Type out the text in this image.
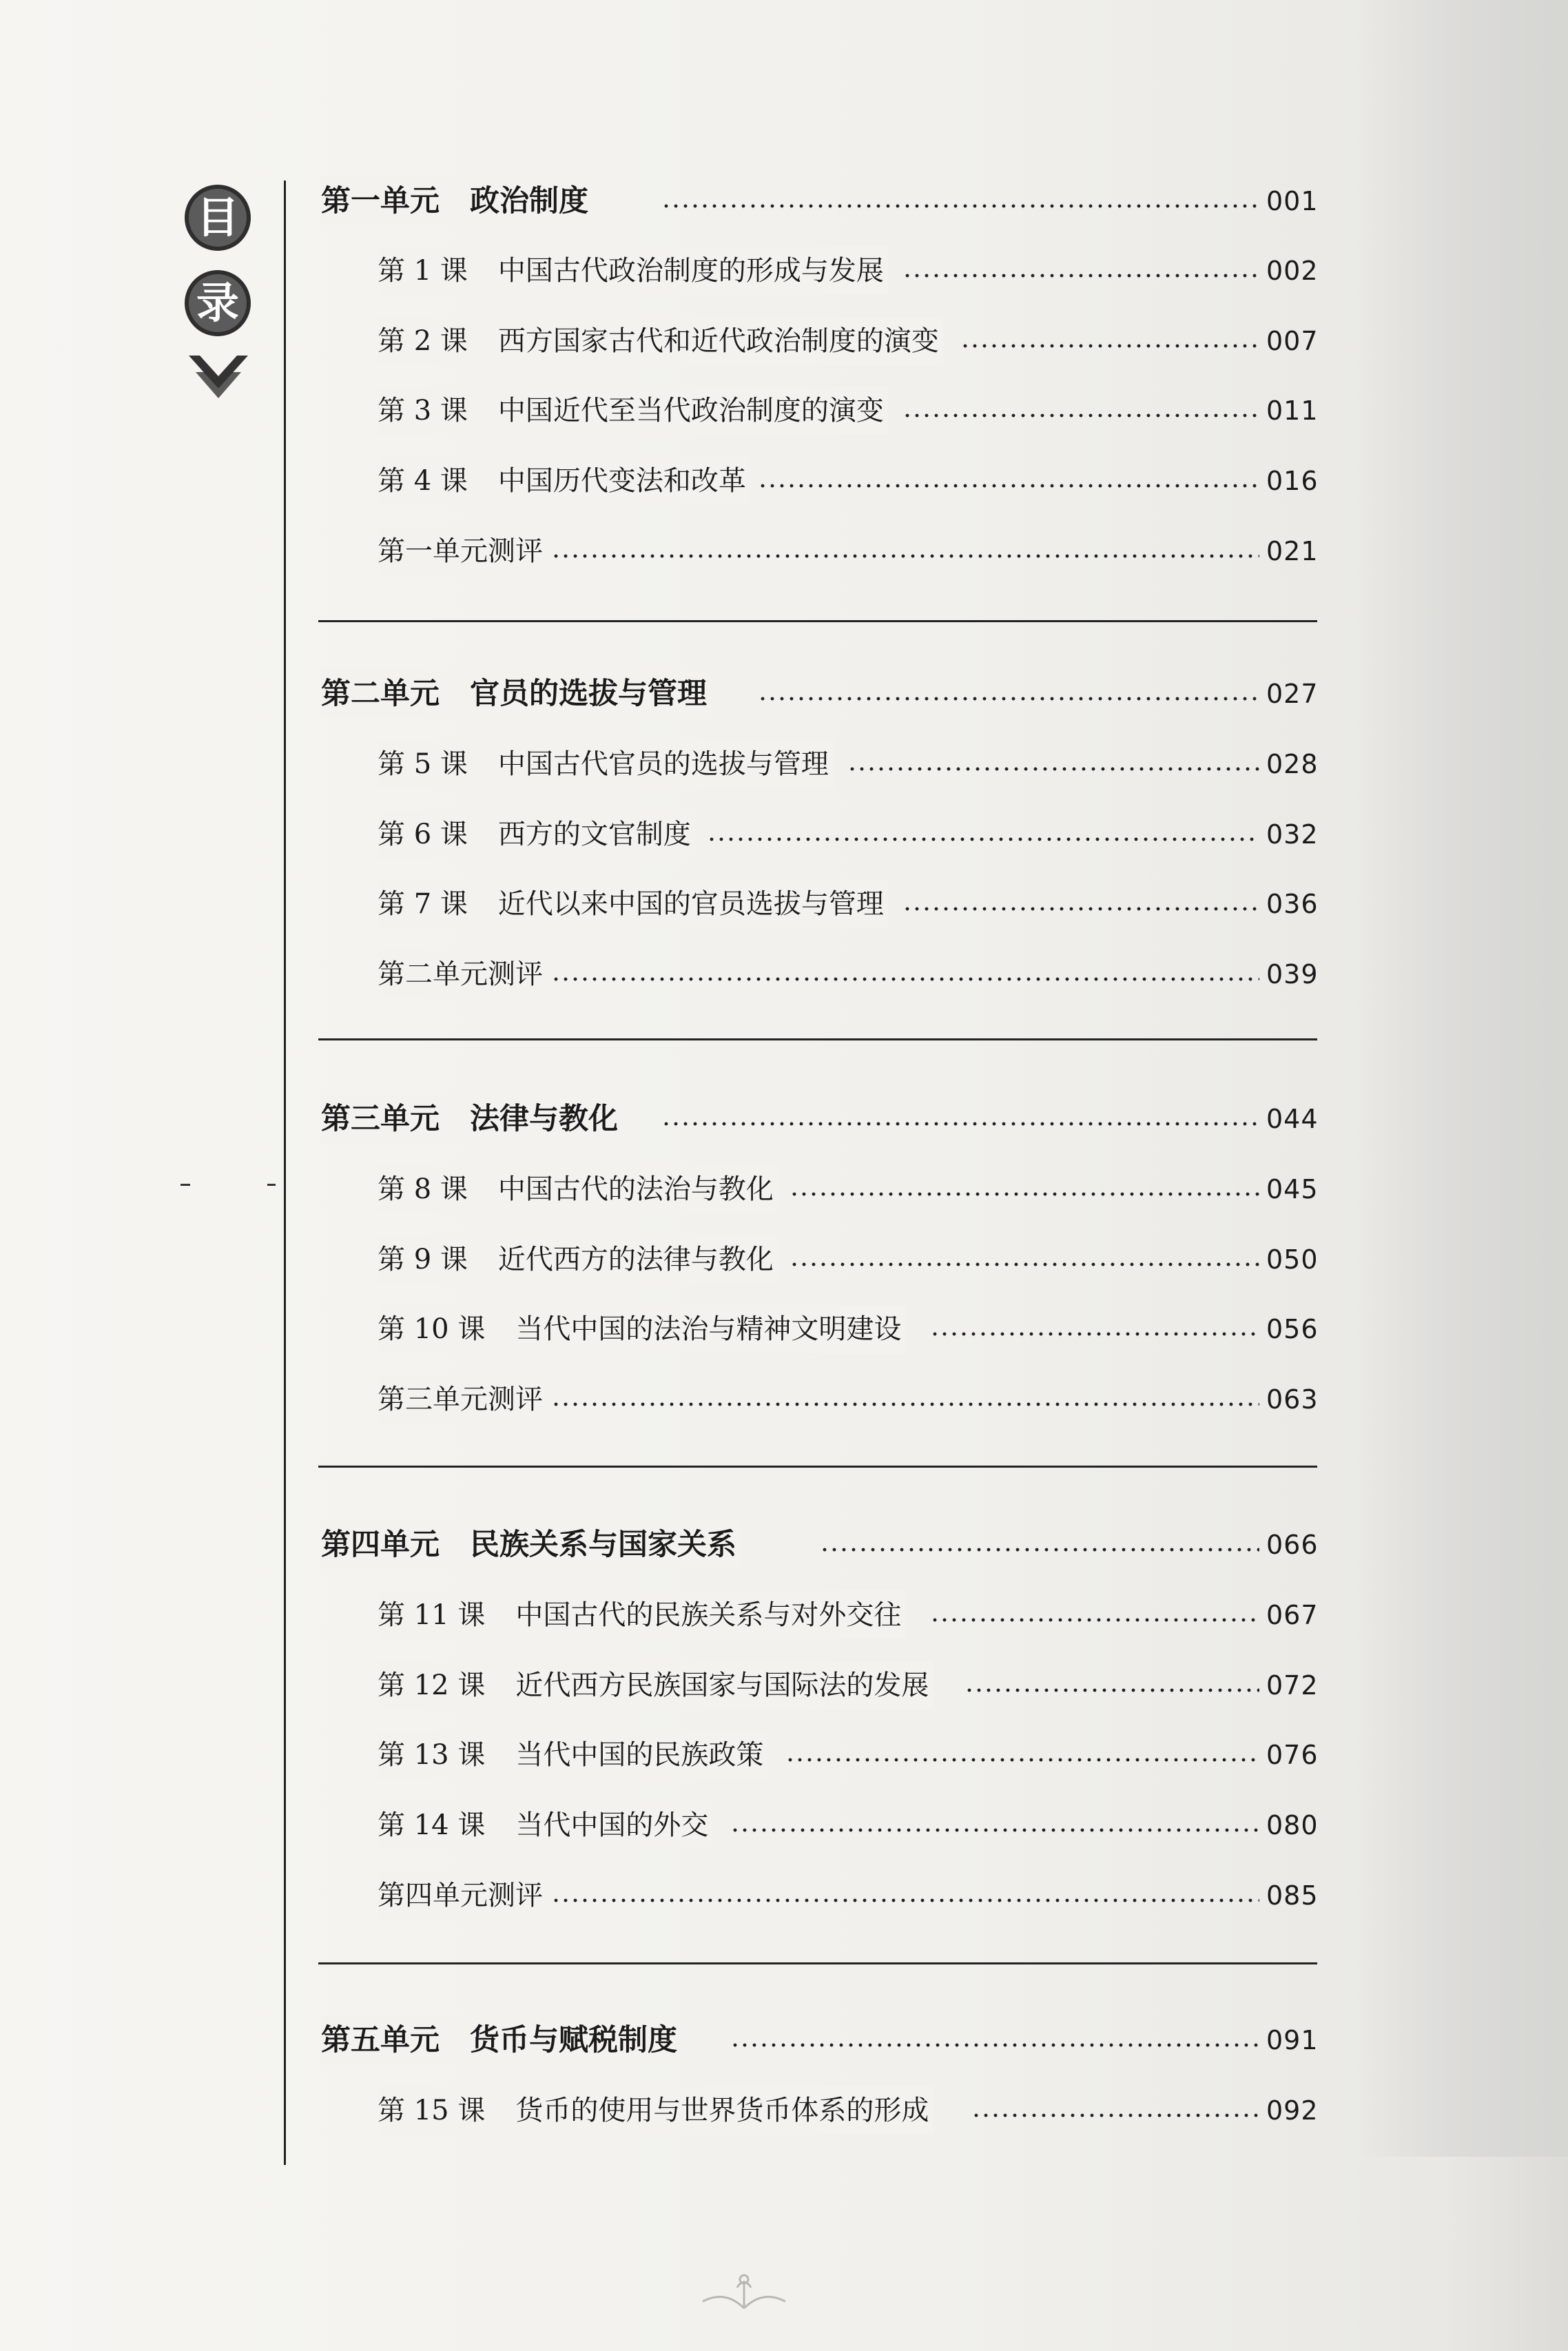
目
录
第一单元 政治制度	001
第 1 课 中国古代政治制度的形成与发展	002
第 2 课 西方国家古代和近代政治制度的演变	007
第 3 课 中国近代至当代政治制度的演变	011
第 4 课 中国历代变法和改革	016
第一单元测评	021
第二单元 官员的选拔与管理	027
第 5 课 中国古代官员的选拔与管理	028
第 6 课 西方的文官制度	032
第 7 课 近代以来中国的官员选拔与管理	036
第二单元测评	039
第三单元 法律与教化	044
第 8 课 中国古代的法治与教化	045
第 9 课 近代西方的法律与教化	050
第 10 课 当代中国的法治与精神文明建设	056
第三单元测评	063
第四单元 民族关系与国家关系	066
第 11 课 中国古代的民族关系与对外交往	067
第 12 课 近代西方民族国家与国际法的发展	072
第 13 课 当代中国的民族政策	076
第 14 课 当代中国的外交	080
第四单元测评	085
第五单元 货币与赋税制度	091
第 15 课 货币的使用与世界货币体系的形成	092
